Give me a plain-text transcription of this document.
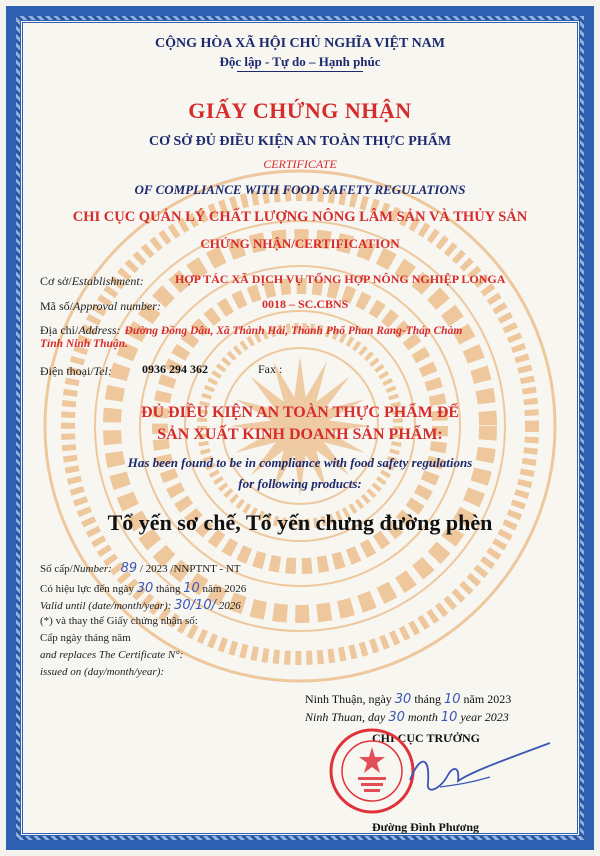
CỘNG HÒA XÃ HỘI CHỦ NGHĨA VIỆT NAM
Độc lập - Tự do – Hạnh phúc
GIẤY CHỨNG NHẬN
CƠ SỞ ĐỦ ĐIỀU KIỆN AN TOÀN THỰC PHẨM
CERTIFICATE
OF COMPLIANCE WITH FOOD SAFETY REGULATIONS
CHI CỤC QUẢN LÝ CHẤT LƯỢNG NÔNG LÂM SẢN VÀ THỦY SẢN
CHỨNG NHẬN/CERTIFICATION
Cơ sở/Establishment:	HỢP TÁC XÃ DỊCH VỤ TỔNG HỢP NÔNG NGHIỆP LONGA
Mã số/Approval number:	0018 – SC.CBNS
Địa chỉ/Address: Đường Đồng Dâu, Xã Thành Hải, Thành Phố Phan Rang-Tháp Chàm
Tỉnh Ninh Thuận.
Điện thoại/Tel:	0936 294 362	Fax :
ĐỦ ĐIỀU KIỆN AN TOÀN THỰC PHẨM ĐỂ
SẢN XUẤT KINH DOANH SẢN PHẨM:
Has been found to be in compliance with food safety regulations
for following products:
Tổ yến sơ chế, Tổ yến chưng đường phèn
Số cấp/Number: 89 / 2023 /NNPTNT - NT
Có hiệu lực đến ngày 30 tháng 10 năm 2026
Valid until (date/month/year): 30/10/ 2026
(*) và thay thế Giấy chứng nhận số:
Cấp ngày tháng năm
and replaces The Certificate N°:
issued on (day/month/year):
Ninh Thuận, ngày 30 tháng 10 năm 2023
Ninh Thuan, day 30 month 10 year 2023
CHI CỤC TRƯỞNG
Đường Đình Phương
